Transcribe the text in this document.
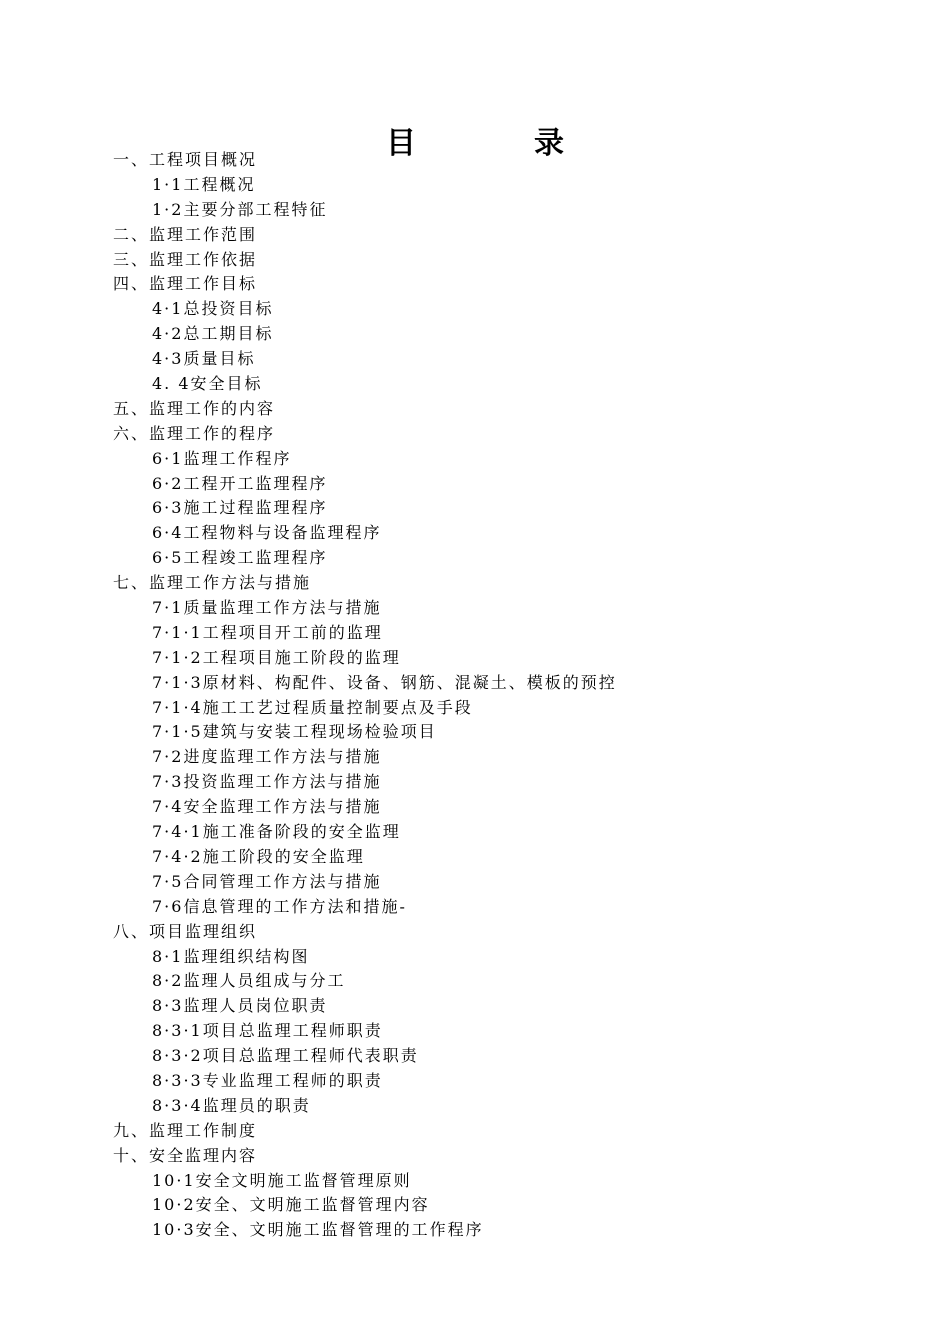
目	录
一、工程项目概况
1·1工程概况
1·2主要分部工程特征
二、监理工作范围
三、监理工作依据
四、监理工作目标
4·1总投资目标
4·2总工期目标
4·3质量目标
4. 4安全目标
五、监理工作的内容
六、监理工作的程序
6·1监理工作程序
6·2工程开工监理程序
6·3施工过程监理程序
6·4工程物料与设备监理程序
6·5工程竣工监理程序
七、监理工作方法与措施
7·1质量监理工作方法与措施
7·1·1工程项目开工前的监理
7·1·2工程项目施工阶段的监理
7·1·3原材料、构配件、设备、钢筋、混凝土、模板的预控
7·1·4施工工艺过程质量控制要点及手段
7·1·5建筑与安装工程现场检验项目
7·2进度监理工作方法与措施
7·3投资监理工作方法与措施
7·4安全监理工作方法与措施
7·4·1施工准备阶段的安全监理
7·4·2施工阶段的安全监理
7·5合同管理工作方法与措施
7·6信息管理的工作方法和措施-
八、项目监理组织
8·1监理组织结构图
8·2监理人员组成与分工
8·3监理人员岗位职责
8·3·1项目总监理工程师职责
8·3·2项目总监理工程师代表职责
8·3·3专业监理工程师的职责
8·3·4监理员的职责
九、监理工作制度
十、安全监理内容
10·1安全文明施工监督管理原则
10·2安全、文明施工监督管理内容
10·3安全、文明施工监督管理的工作程序
